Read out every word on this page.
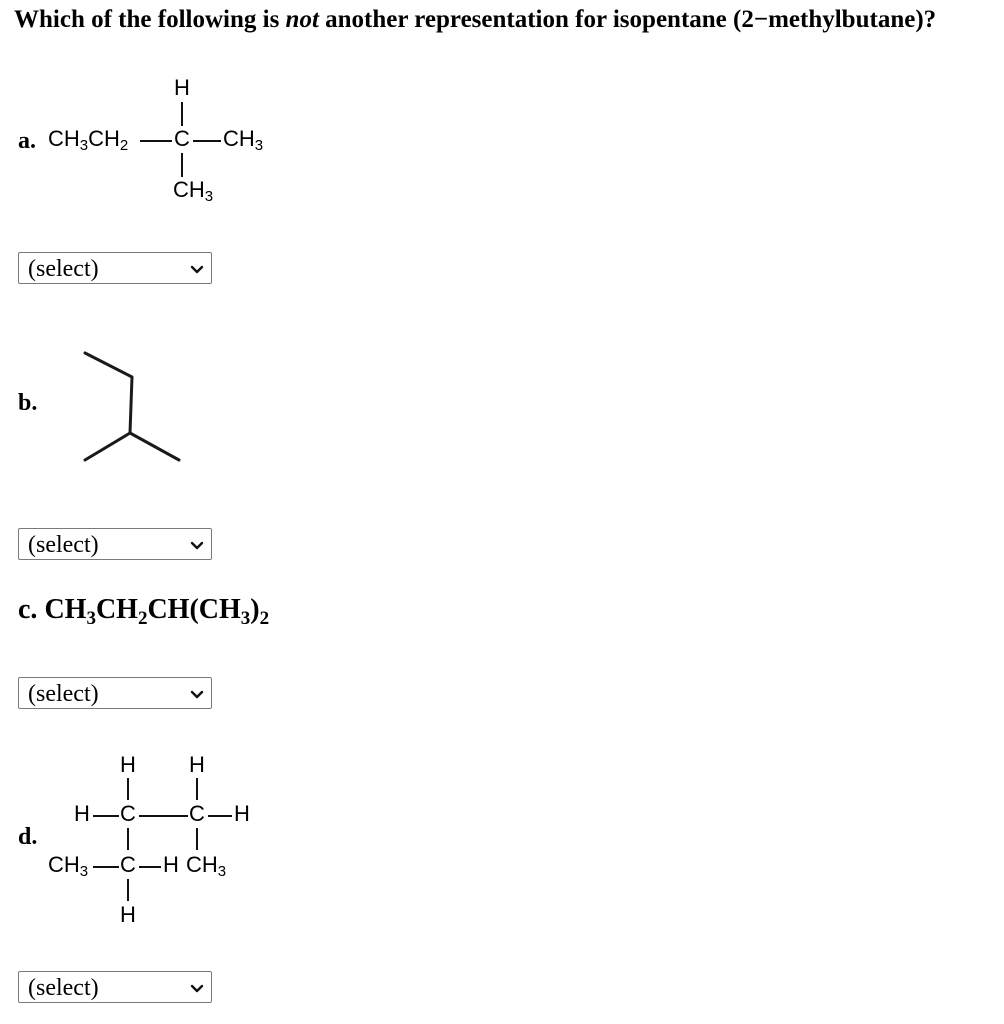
Which of the following is not another representation for isopentane (2−methylbutane)?

a. $CH_3CH_2$ C $CH_3$
H
$CH_3$
(select)
b.
(select)
c. $CH_3CH_2CH(CH_3)_2$
(select)
d.
H H
H C C H
$CH_3$ C H $CH_3$
H
(select)
